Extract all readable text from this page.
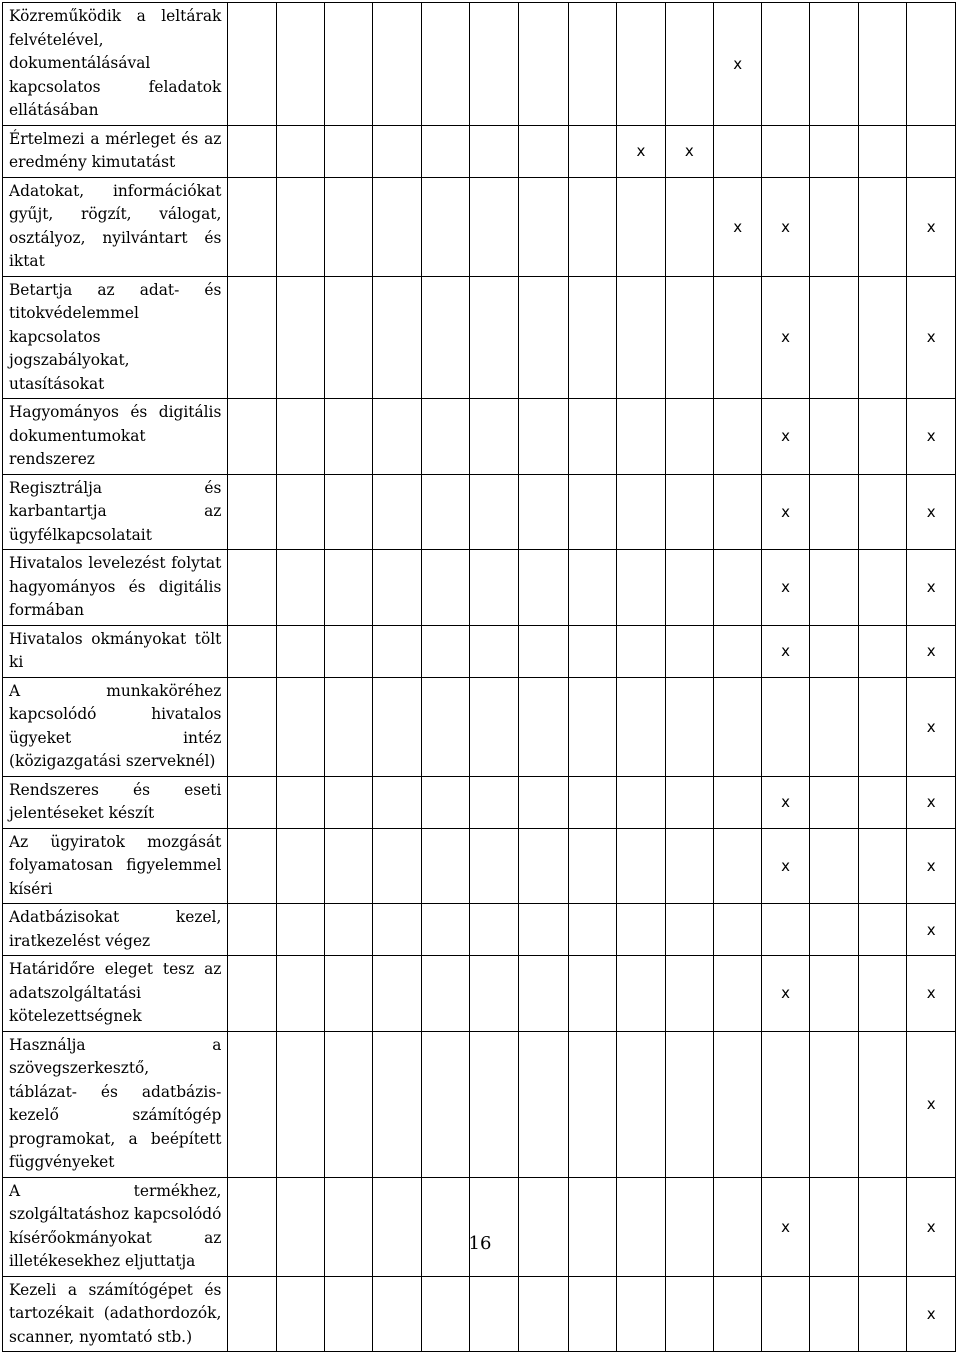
Közreműködik a leltárak felvételével, dokumentálásával kapcsolatos feladatok ellátásában											x				
Értelmezi a mérleget és az eredmény kimutatást									x	x					
Adatokat, információkat gyűjt, rögzít, válogat, osztályoz, nyilvántart és iktat											x	x			x
Betartja az adat- és titokvédelemmel kapcsolatos jogszabályokat, utasításokat												x			x
Hagyományos és digitális dokumentumokat rendszerez												x			x
Regisztrálja és karbantartja az ügyfélkapcsolatait												x			x
Hivatalos levelezést folytat hagyományos és digitális formában												x			x
Hivatalos okmányokat tölt ki												x			x
A munkaköréhez kapcsolódó hivatalos ügyeket intéz (közigazgatási szerveknél)															x
Rendszeres és eseti jelentéseket készít												x			x
Az ügyiratok mozgását folyamatosan figyelemmel kíséri												x			x
Adatbázisokat kezel, iratkezelést végez															x
Határidőre eleget tesz az adatszolgáltatási kötelezettségnek												x			x
Használja a szövegszerkesztő, táblázat- és adatbázis-kezelő számítógép programokat, a beépített függvényeket															x
A termékhez, szolgáltatáshoz kapcsolódó kísérőokmányokat az illetékesekhez eljuttatja												x			x
Kezeli a számítógépet és tartozékait (adathordozók, scanner, nyomtató stb.)															x
16
